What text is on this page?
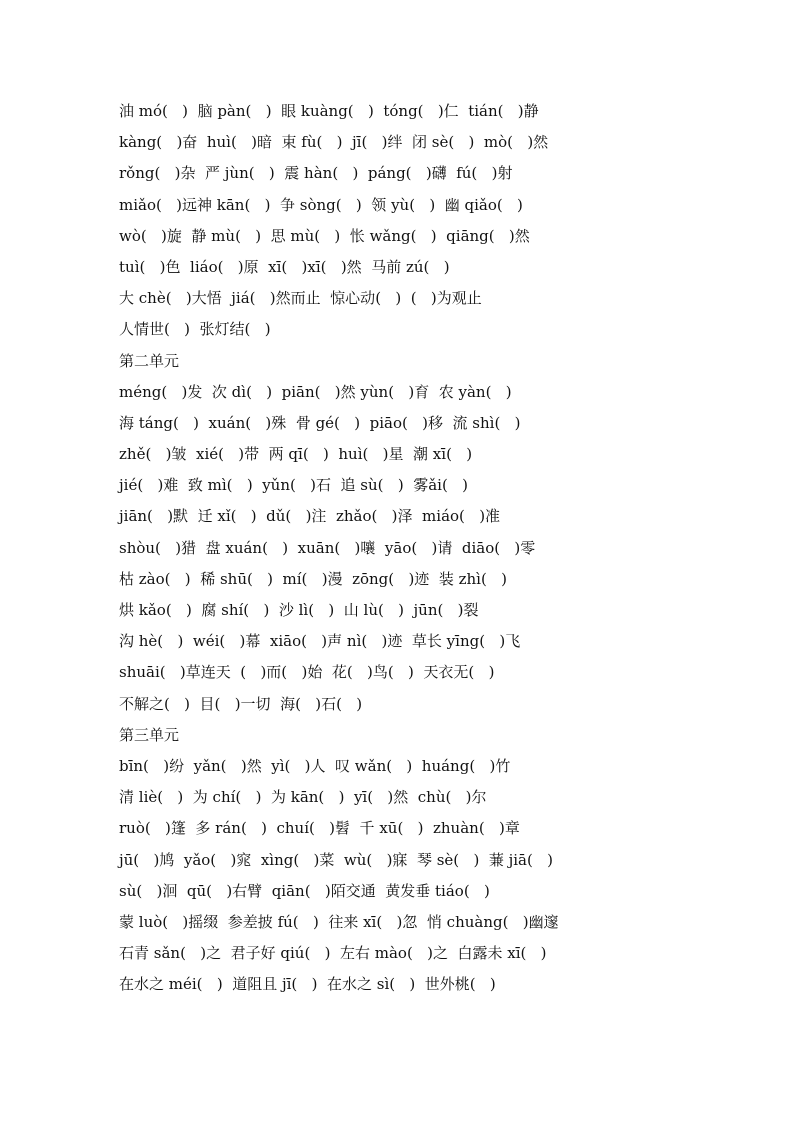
油 mó(   )  脑 pàn(   )  眼 kuàng(   )  tóng(   )仁  tián(   )静
kàng(   )奋  huì(   )暗  束 fù(   )  jī(   )绊  闭 sè(   )  mò(   )然
rǒng(   )杂  严 jùn(   )  震 hàn(   )  páng(   )礴  fú(   )射
miǎo(   )远神 kān(   )  争 sòng(   )  领 yù(   )  幽 qiǎo(   )
wò(   )旋  静 mù(   )  思 mù(   )  怅 wǎng(   )  qiāng(   )然
tuì(   )色  liáo(   )原  xī(   )xī(   )然  马前 zú(   )
大 chè(   )大悟  jiá(   )然而止  惊心动(   )  (   )为观止
人情世(   )  张灯结(   )
第二单元
méng(   )发  次 dì(   )  piān(   )然 yùn(   )育  农 yàn(   )
海 táng(   )  xuán(   )殊  骨 gé(   )  piāo(   )移  流 shì(   )
zhě(   )皱  xié(   )带  两 qī(   )  huì(   )星  潮 xī(   )
jié(   )难  致 mì(   )  yǔn(   )石  追 sù(   )  雾ǎi(   )
jiān(   )默  迁 xǐ(   )  dǔ(   )注  zhǎo(   )泽  miáo(   )准
shòu(   )猎  盘 xuán(   )  xuān(   )嚷  yāo(   )请  diāo(   )零
枯 zào(   )  稀 shū(   )  mí(   )漫  zōng(   )迹  装 zhì(   )
烘 kǎo(   )  腐 shí(   )  沙 lì(   )  山 lù(   )  jūn(   )裂
沟 hè(   )  wéi(   )幕  xiāo(   )声 nì(   )迹  草长 yīng(   )飞
shuāi(   )草连天  (   )而(   )始  花(   )鸟(   )  天衣无(   )
不解之(   )  目(   )一切  海(   )石(   )
第三单元
bīn(   )纷  yǎn(   )然  yì(   )人  叹 wǎn(   )  huáng(   )竹
清 liè(   )  为 chí(   )  为 kān(   )  yī(   )然  chù(   )尔
ruò(   )篷  多 rán(   )  chuí(   )髫  千 xū(   )  zhuàn(   )章
jū(   )鸠  yǎo(   )窕  xìng(   )菜  wù(   )寐  琴 sè(   )  蒹 jiā(   )
sù(   )洄  qū(   )右臂  qiān(   )陌交通  黄发垂 tiáo(   )
蒙 luò(   )摇缀  参差披 fú(   )  往来 xī(   )忽  悄 chuàng(   )幽邃
石青 sǎn(   )之  君子好 qiú(   )  左右 mào(   )之  白露未 xī(   )
在水之 méi(   )  道阻且 jī(   )  在水之 sì(   )  世外桃(   )
